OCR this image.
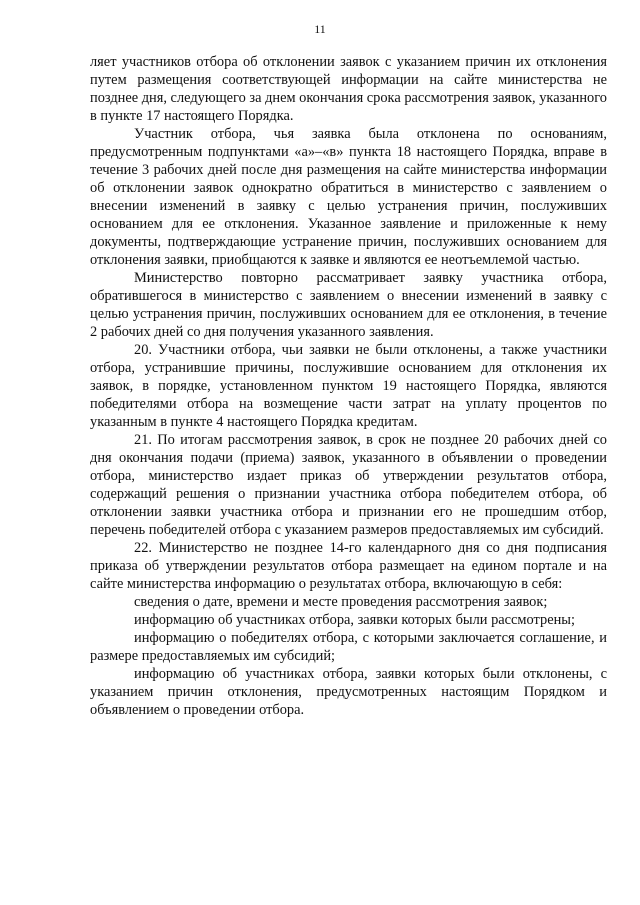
11

ляет участников отбора об отклонении заявок с указанием причин их отклонения путем размещения соответствующей информации на сайте министерства не позднее дня, следующего за днем окончания срока рассмотрения заявок, указанного в пункте 17 настоящего Порядка.

Участник отбора, чья заявка была отклонена по основаниям, предусмотренным подпунктами «а»–«в» пункта 18 настоящего Порядка, вправе в течение 3 рабочих дней после дня размещения на сайте министерства информации об отклонении заявок однократно обратиться в министерство с заявлением о внесении изменений в заявку с целью устранения причин, послуживших основанием для ее отклонения. Указанное заявление и приложенные к нему документы, подтверждающие устранение причин, послуживших основанием для отклонения заявки, приобщаются к заявке и являются ее неотъемлемой частью.

Министерство повторно рассматривает заявку участника отбора, обратившегося в министерство с заявлением о внесении изменений в заявку с целью устранения причин, послуживших основанием для ее отклонения, в течение 2 рабочих дней со дня получения указанного заявления.

20. Участники отбора, чьи заявки не были отклонены, а также участники отбора, устранившие причины, послужившие основанием для отклонения их заявок, в порядке, установленном пунктом 19 настоящего Порядка, являются победителями отбора на возмещение части затрат на уплату процентов по указанным в пункте 4 настоящего Порядка кредитам.

21. По итогам рассмотрения заявок, в срок не позднее 20 рабочих дней со дня окончания подачи (приема) заявок, указанного в объявлении о проведении отбора, министерство издает приказ об утверждении результатов отбора, содержащий решения о признании участника отбора победителем отбора, об отклонении заявки участника отбора и признании его не прошедшим отбор, перечень победителей отбора с указанием размеров предоставляемых им субсидий.

22. Министерство не позднее 14-го календарного дня со дня подписания приказа об утверждении результатов отбора размещает на едином портале и на сайте министерства информацию о результатах отбора, включающую в себя:

сведения о дате, времени и месте проведения рассмотрения заявок;

информацию об участниках отбора, заявки которых были рассмотрены;

информацию о победителях отбора, с которыми заключается соглашение, и размере предоставляемых им субсидий;

информацию об участниках отбора, заявки которых были отклонены, с указанием причин отклонения, предусмотренных настоящим Порядком и объявлением о проведении отбора.
